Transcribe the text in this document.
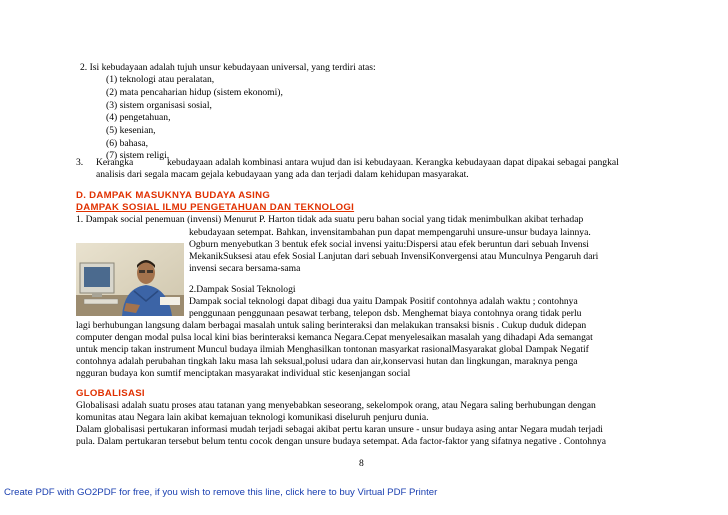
2. Isi kebudayaan adalah tujuh unsur kebudayaan universal, yang terdiri atas:
(1) teknologi atau peralatan,
(2) mata pencaharian hidup (sistem ekonomi),
(3) sistem organisasi sosial,
(4) pengetahuan,
(5) kesenian,
(6) bahasa,
(7) sistem religi.
3. Kerangka	kebudayaan adalah kombinasi antara wujud dan isi kebudayaan. Kerangka kebudayaan dapat dipakai sebagai pangkal
analisis dari segala macam gejala kebudayaan yang ada dan terjadi dalam kehidupan masyarakat.
D. DAMPAK MASUKNYA BUDAYA ASING
DAMPAK SOSIAL ILMU PENGETAHUAN DAN TEKNOLOGI
1. Dampak social penemuan (invensi) Menurut P. Harton tidak ada suatu peru bahan social yang tidak menimbulkan akibat terhadap
kebudayaan setempat. Bahkan, invensitambahan pun dapat mempengaruhi unsure-unsur budaya lainnya.
Ogburn menyebutkan 3 bentuk efek social invensi yaitu:Dispersi atau efek beruntun dari sebuah Invensi
MekanikSuksesi atau efek Sosial Lanjutan dari sebuah InvensiKonvergensi atau Munculnya Pengaruh dari
invensi secara bersama-sama
2.Dampak Sosial Teknologi
Dampak social teknologi dapat dibagi dua yaitu Dampak Positif contohnya adalah waktu ; contohnya
penggunaan penggunaan pesawat terbang, telepon dsb. Menghemat biaya contohnya orang tidak perlu
lagi berhubungan langsung dalam berbagai masalah untuk saling berinteraksi dan melakukan transaksi bisnis . Cukup duduk didepan
computer dengan modal pulsa local kini bias berinteraksi kemanca Negara.Cepat menyelesaikan masalah yang dihadapi Ada semangat
untuk mencip takan instrument Muncul budaya ilmiah Menghasilkan tontonan masyarkat rasionalMasyarakat global Dampak Negatif
contohnya adalah perubahan tingkah laku masa lah seksual,polusi udara dan air,konservasi hutan dan lingkungan, maraknya penga
ngguran budaya kon sumtif menciptakan masyarakat individual stic kesenjangan social
GLOBALISASI
Globalisasi adalah suatu proses atau tatanan yang menyebabkan seseorang, sekelompok orang, atau Negara saling berhubungan dengan
komunitas atau Negara lain akibat kemajuan teknologi komunikasi diseluruh penjuru dunia.
Dalam globalisasi pertukaran informasi mudah terjadi sebagai akibat pertu karan unsure - unsur budaya asing antar Negara mudah terjadi
pula. Dalam pertukaran tersebut belum tentu cocok dengan unsure budaya setempat. Ada factor-faktor yang sifatnya negative . Contohnya
8
Create PDF with GO2PDF for free, if you wish to remove this line, click here to buy Virtual PDF Printer
